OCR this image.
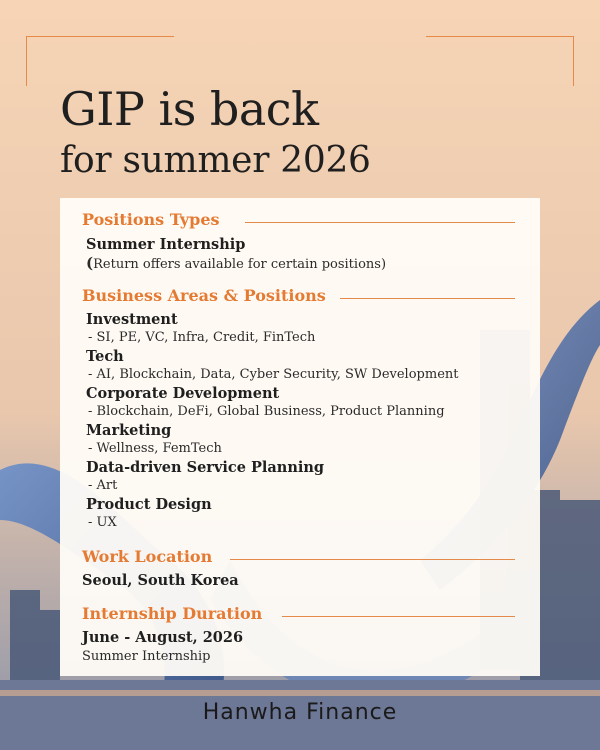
GIP is back
for summer 2026
Positions Types
Summer Internship
(Return offers available for certain positions)
Business Areas & Positions
Investment
- SI, PE, VC, Infra, Credit, FinTech
Tech
- AI, Blockchain, Data, Cyber Security, SW Development
Corporate Development
- Blockchain, DeFi, Global Business, Product Planning
Marketing
- Wellness, FemTech
Data-driven Service Planning
- Art
Product Design
- UX
Work Location
Seoul, South Korea
Internship Duration
June - August, 2026
Summer Internship
Hanwha Finance
